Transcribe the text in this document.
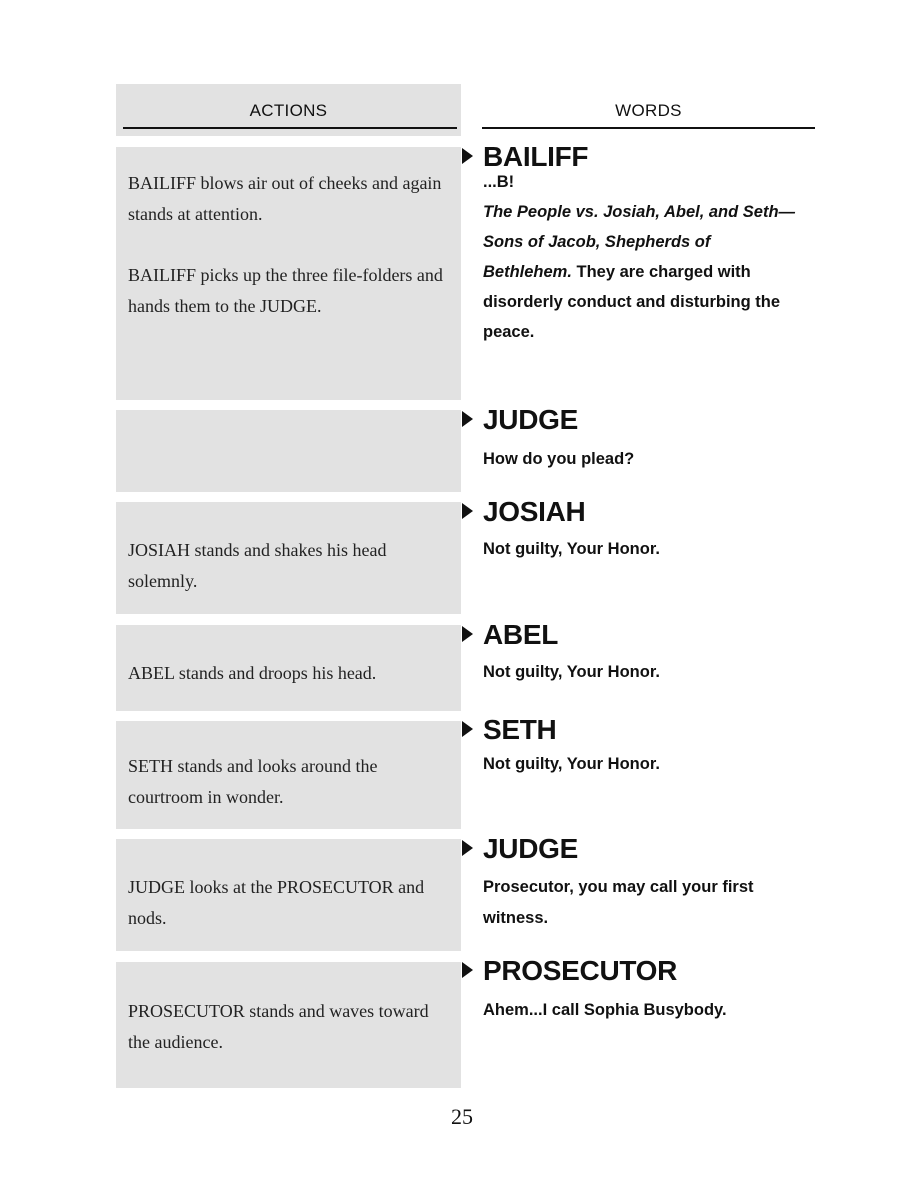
ACTIONS	WORDS

BAILIFF blows air out of cheeks and again stands at attention.

BAILIFF picks up the three file-folders and hands them to the JUDGE.

BAILIFF
...B!
The People vs. Josiah, Abel, and Seth—Sons of Jacob, Shepherds of Bethlehem. They are charged with disorderly conduct and disturbing the peace.
JUDGE

How do you plead?

JOSIAH stands and shakes his head solemnly.

JOSIAH

Not guilty, Your Honor.

ABEL stands and droops his head.

ABEL

Not guilty, Your Honor.

SETH stands and looks around the courtroom in wonder.

SETH

Not guilty, Your Honor.

JUDGE looks at the PROSECUTOR and nods.

JUDGE

Prosecutor, you may call your first witness.

PROSECUTOR stands and waves toward the audience.

PROSECUTOR

Ahem...I call Sophia Busybody.

25
